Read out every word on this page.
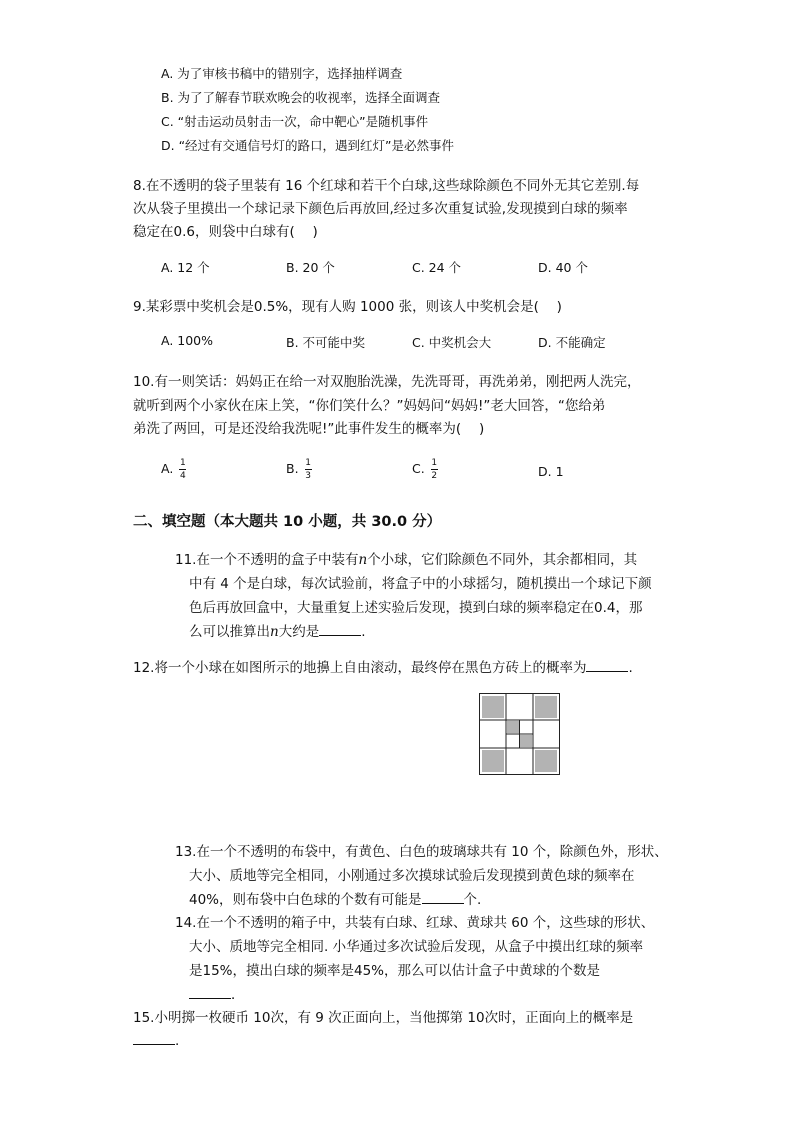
A. 为了审核书稿中的错别字，选择抽样调查
B. 为了了解春节联欢晚会的收视率，选择全面调查
C. “射击运动员射击一次，命中靶心”是随机事件
D. “经过有交通信号灯的路口，遇到红灯”是必然事件
8.在不透明的袋子里装有 16 个红球和若干个白球,这些球除颜色不同外无其它差别.每
次从袋子里摸出一个球记录下颜色后再放回,经过多次重复试验,发现摸到白球的频率
稳定在0.6，则袋中白球有(　 )
A. 12 个	B. 20 个	C. 24 个	D. 40 个
9.某彩票中奖机会是0.5%，现有人购 1000 张，则该人中奖机会是(　 )
A. 100%	B. 不可能中奖	C. 中奖机会大	D. 不能确定
10.有一则笑话：妈妈正在给一对双胞胎洗澡，先洗哥哥，再洗弟弟，刚把两人洗完，
就听到两个小家伙在床上笑，“你们笑什么？”妈妈问“妈妈!”老大回答，“您给弟
弟洗了两回，可是还没给我洗呢!”此事件发生的概率为(　 )
A. $\frac{1}{4}$	B. $\frac{1}{3}$	C. $\frac{1}{2}$	D. 1
二、填空题（本大题共 10 小题，共 30.0 分）
11.在一个不透明的盒子中装有n个小球，它们除颜色不同外，其余都相同，其
中有 4 个是白球，每次试验前，将盒子中的小球摇匀，随机摸出一个球记下颜
色后再放回盒中，大量重复上述实验后发现，摸到白球的频率稳定在0.4，那
么可以推算出n大约是	.
12.将一个小球在如图所示的地擤上自由滚动，最终停在黑色方砖上的概率为	.
13.在一个不透明的布袋中，有黄色、白色的玻璃球共有 10 个，除颜色外，形状、
大小、质地等完全相同，小刚通过多次摸球试验后发现摸到黄色球的频率在
40%，则布袋中白色球的个数有可能是	个.
14.在一个不透明的箱子中，共装有白球、红球、黄球共 60 个，这些球的形状、
大小、质地等完全相同. 小华通过多次试验后发现，从盒子中摸出红球的频率
是15%，摸出白球的频率是45%，那么可以估计盒子中黄球的个数是
．
15.小明掷一枚硬币 10次，有 9 次正面向上，当他掷第 10次时，正面向上的概率是
.
